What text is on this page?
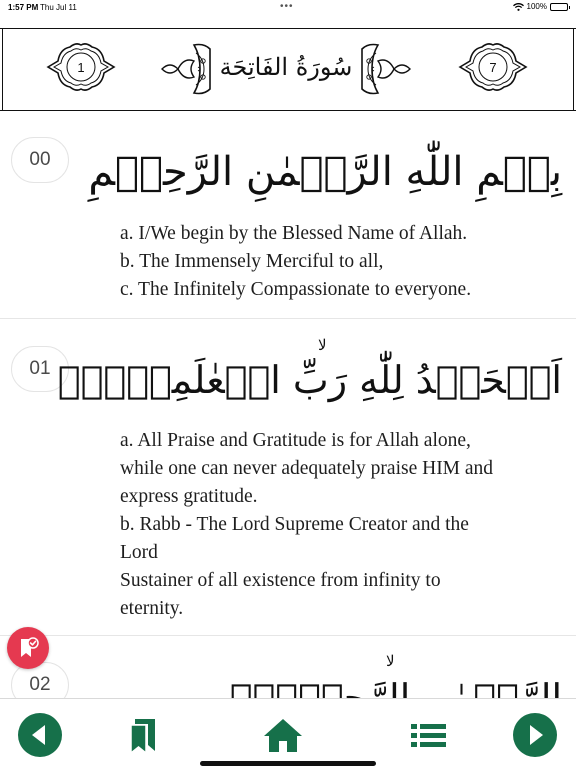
1:57 PM Thu Jul 11	•••	100%
1	سُورَةُ الفَاتِحَة	7
00 بِسۡمِ اللّٰهِ الرَّحۡمٰنِ الرَّحِيۡمِ
a. I/We begin by the Blessed Name of Allah.
b. The Immensely Merciful to all,
c. The Infinitely Compassionate to everyone.
01
لا
اَلۡحَمۡدُ لِلّٰهِ رَبِّ الۡعٰلَمِيۡنَۙ
a. All Praise and Gratitude is for Allah alone,
while one can never adequately praise HIM and
express gratitude.
b. Rabb - The Lord Supreme Creator and the
Lord
Sustainer of all existence from infinity to
eternity.
02
لا
